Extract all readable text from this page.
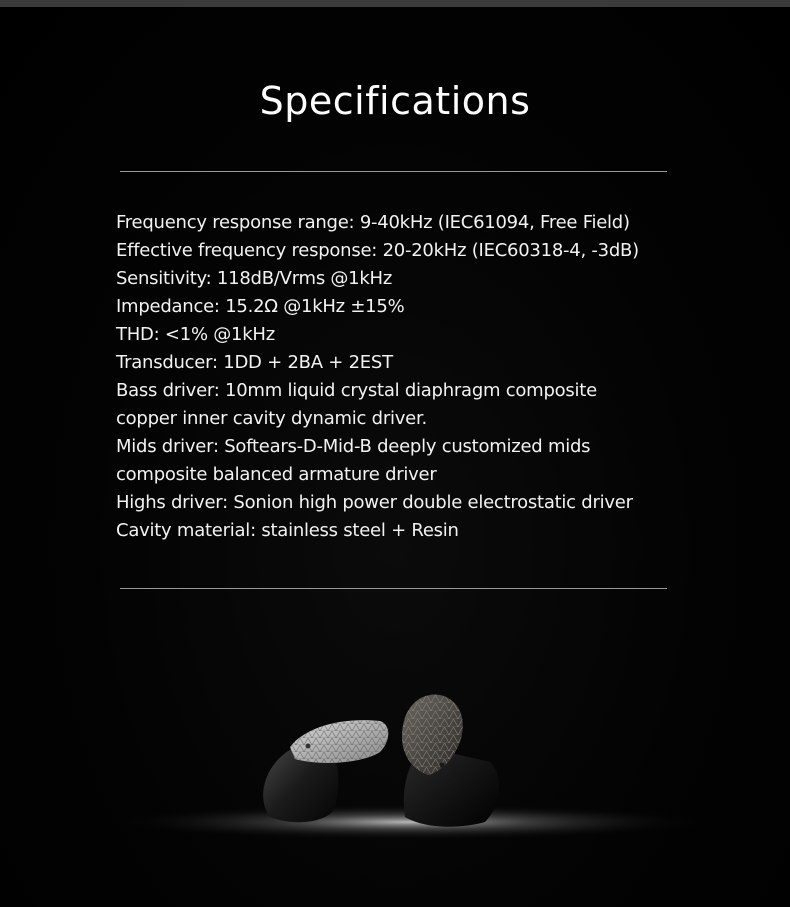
Specifications
Frequency response range: 9-40kHz (IEC61094, Free Field)
Effective frequency response: 20-20kHz (IEC60318-4, -3dB)
Sensitivity: 118dB/Vrms @1kHz
Impedance: 15.2Ω @1kHz ±15%
THD: <1% @1kHz
Transducer: 1DD + 2BA + 2EST
Bass driver: 10mm liquid crystal diaphragm composite
copper inner cavity dynamic driver.
Mids driver: Softears-D-Mid-B deeply customized mids
composite balanced armature driver
Highs driver: Sonion high power double electrostatic driver
Cavity material: stainless steel + Resin
